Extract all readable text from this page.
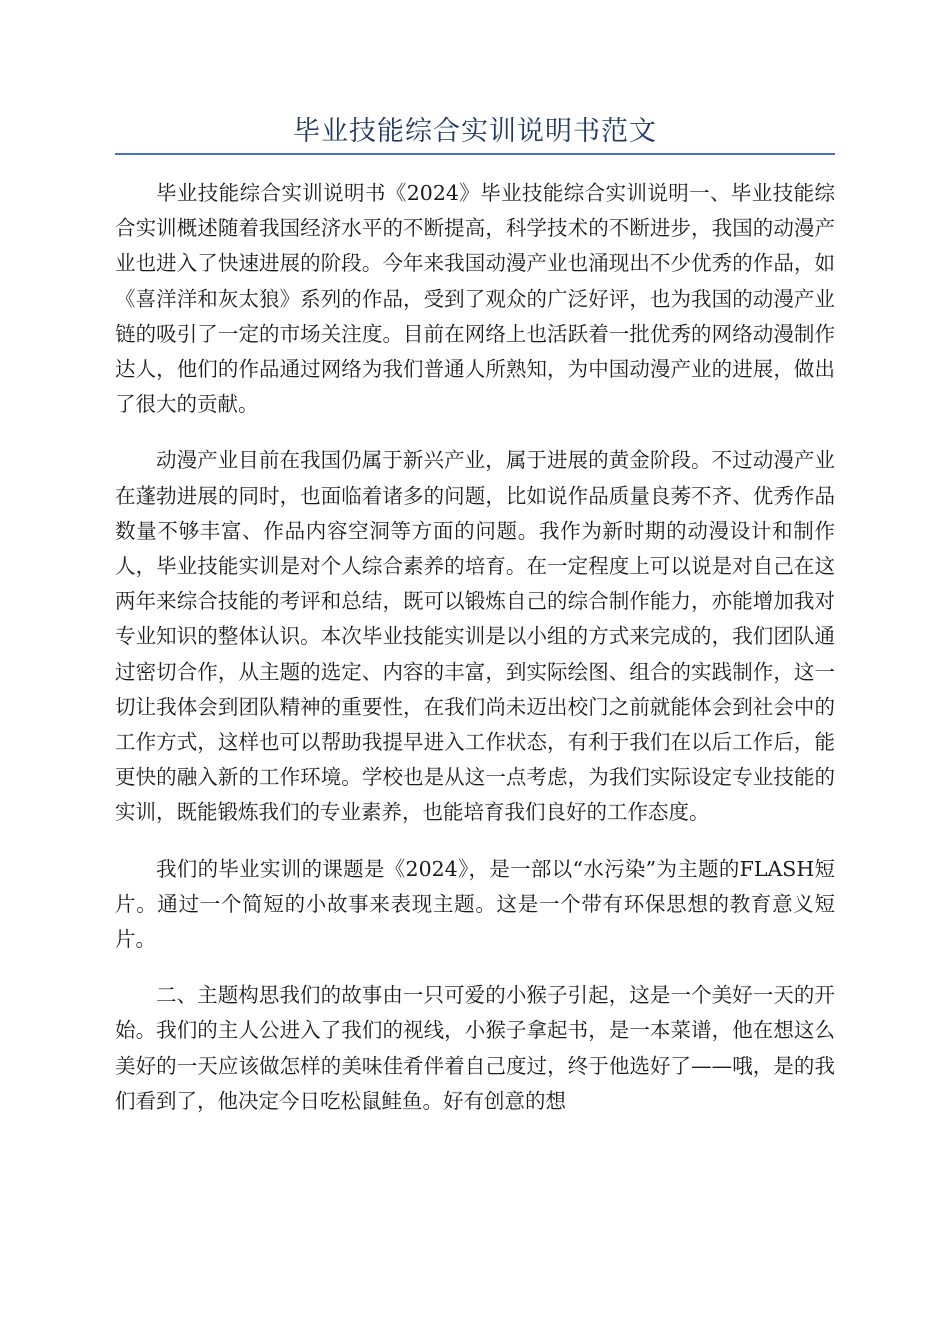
毕业技能综合实训说明书范文

毕业技能综合实训说明书《2024》毕业技能综合实训说明一、毕业技能综合实训概述随着我国经济水平的不断提高，科学技术的不断进步，我国的动漫产业也进入了快速进展的阶段。今年来我国动漫产业也涌现出不少优秀的作品，如《喜洋洋和灰太狼》系列的作品，受到了观众的广泛好评，也为我国的动漫产业链的吸引了一定的市场关注度。目前在网络上也活跃着一批优秀的网络动漫制作达人，他们的作品通过网络为我们普通人所熟知，为中国动漫产业的进展，做出了很大的贡献。

动漫产业目前在我国仍属于新兴产业，属于进展的黄金阶段。不过动漫产业在蓬勃进展的同时，也面临着诸多的问题，比如说作品质量良莠不齐、优秀作品数量不够丰富、作品内容空洞等方面的问题。我作为新时期的动漫设计和制作人，毕业技能实训是对个人综合素养的培育。在一定程度上可以说是对自己在这两年来综合技能的考评和总结，既可以锻炼自己的综合制作能力，亦能增加我对专业知识的整体认识。本次毕业技能实训是以小组的方式来完成的，我们团队通过密切合作，从主题的选定、内容的丰富，到实际绘图、组合的实践制作，这一切让我体会到团队精神的重要性，在我们尚未迈出校门之前就能体会到社会中的工作方式，这样也可以帮助我提早进入工作状态，有利于我们在以后工作后，能更快的融入新的工作环境。学校也是从这一点考虑，为我们实际设定专业技能的实训，既能锻炼我们的专业素养，也能培育我们良好的工作态度。

我们的毕业实训的课题是《2024》，是一部以“水污染”为主题的FLASH短片。通过一个简短的小故事来表现主题。这是一个带有环保思想的教育意义短片。

二、主题构思我们的故事由一只可爱的小猴子引起，这是一个美好一天的开始。我们的主人公进入了我们的视线，小猴子拿起书，是一本菜谱，他在想这么美好的一天应该做怎样的美味佳肴伴着自己度过，终于他选好了——哦，是的我们看到了，他决定今日吃松鼠鲑鱼。好有创意的想
